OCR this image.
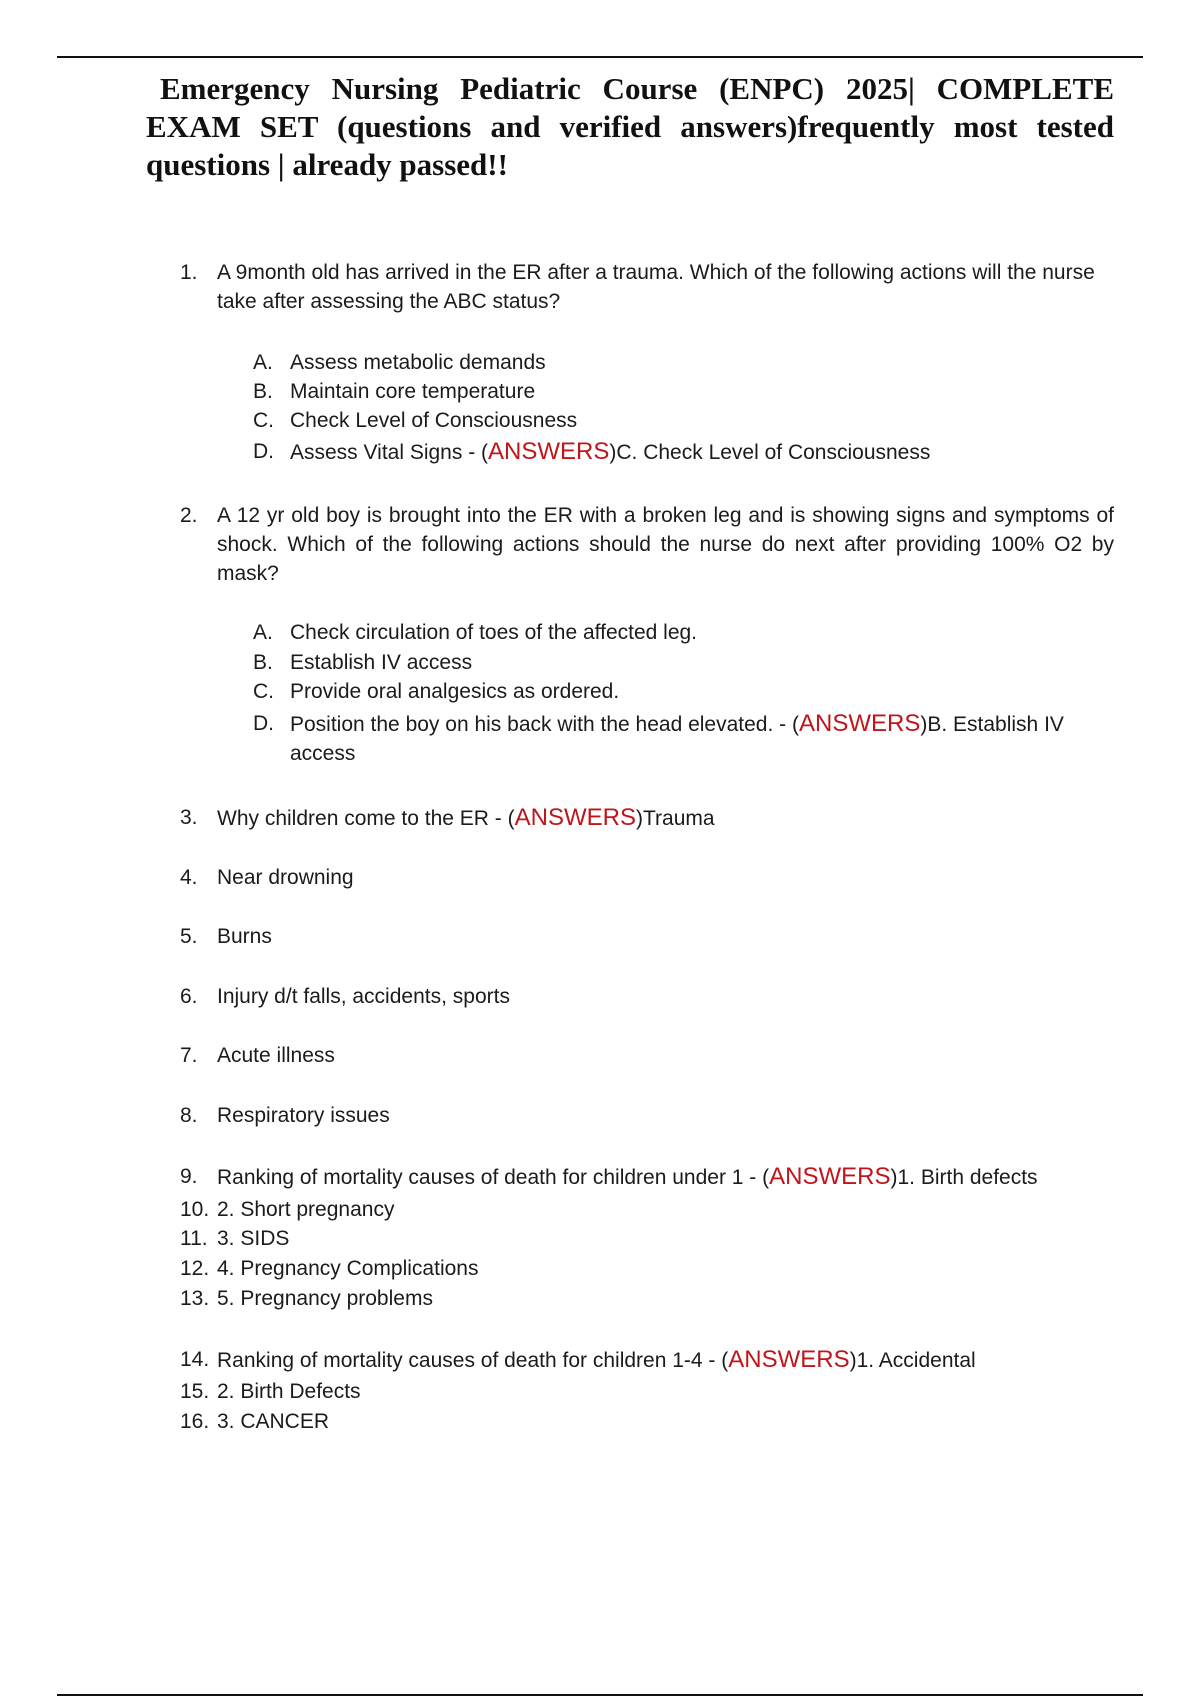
Emergency Nursing Pediatric Course (ENPC) 2025| COMPLETE EXAM SET (questions and verified answers)frequently most tested questions | already passed!!
1. A 9month old has arrived in the ER after a trauma. Which of the following actions will the nurse take after assessing the ABC status?
A. Assess metabolic demands
B. Maintain core temperature
C. Check Level of Consciousness
D. Assess Vital Signs - (ANSWERS)C. Check Level of Consciousness
2. A 12 yr old boy is brought into the ER with a broken leg and is showing signs and symptoms of shock. Which of the following actions should the nurse do next after providing 100% O2 by mask?
A. Check circulation of toes of the affected leg.
B. Establish IV access
C. Provide oral analgesics as ordered.
D. Position the boy on his back with the head elevated. - (ANSWERS)B. Establish IV access
3. Why children come to the ER - (ANSWERS)Trauma
4. Near drowning
5. Burns
6. Injury d/t falls, accidents, sports
7. Acute illness
8. Respiratory issues
9. Ranking of mortality causes of death for children under 1 - (ANSWERS)1. Birth defects
10. 2. Short pregnancy
11. 3. SIDS
12. 4. Pregnancy Complications
13. 5. Pregnancy problems
14. Ranking of mortality causes of death for children 1-4 - (ANSWERS)1. Accidental
15. 2. Birth Defects
16. 3. CANCER
